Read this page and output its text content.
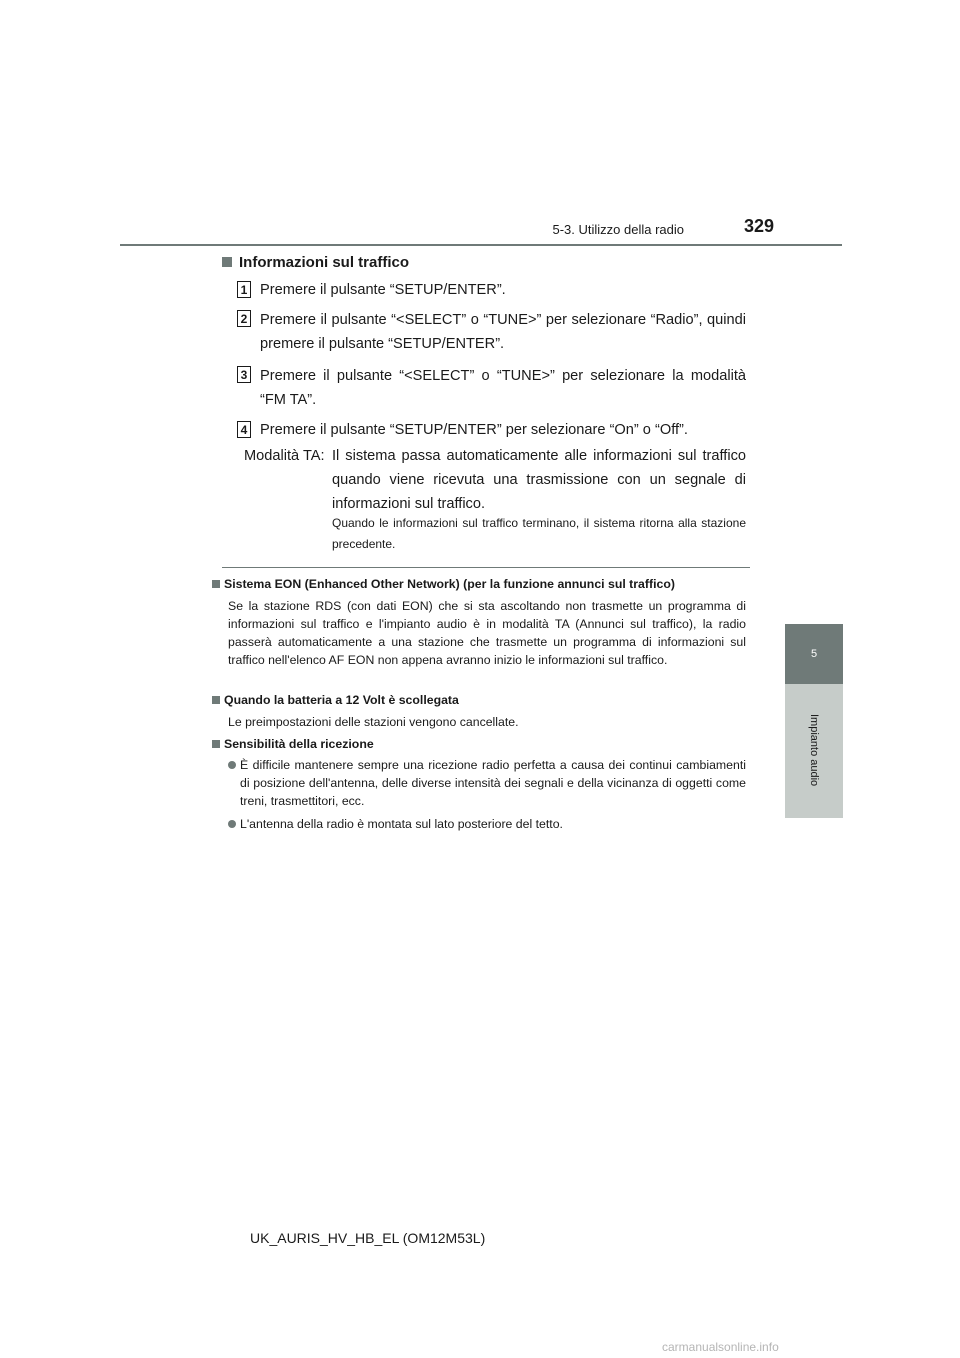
5-3. Utilizzo della radio	329
5
Impianto audio
Informazioni sul traffico
1 Premere il pulsante “SETUP/ENTER”.
2 Premere il pulsante “<SELECT” o “TUNE>” per selezionare “Radio”, quindi premere il pulsante “SETUP/ENTER”.
3 Premere il pulsante “<SELECT” o “TUNE>” per selezionare la modalità “FM TA”.
4 Premere il pulsante “SETUP/ENTER” per selezionare “On” o “Off”.
Modalità TA: Il sistema passa automaticamente alle informazioni sul traffico quando viene ricevuta una trasmissione con un segnale di informazioni sul traffico.
Quando le informazioni sul traffico terminano, il sistema ritorna alla stazione precedente.
Sistema EON (Enhanced Other Network) (per la funzione annunci sul traffico)
Se la stazione RDS (con dati EON) che si sta ascoltando non trasmette un programma di informazioni sul traffico e l'impianto audio è in modalità TA (Annunci sul traffico), la radio passerà automaticamente a una stazione che trasmette un programma di informazioni sul traffico nell'elenco AF EON non appena avranno inizio le informazioni sul traffico.
Quando la batteria a 12 Volt è scollegata
Le preimpostazioni delle stazioni vengono cancellate.
Sensibilità della ricezione
È difficile mantenere sempre una ricezione radio perfetta a causa dei continui cambiamenti di posizione dell'antenna, delle diverse intensità dei segnali e della vicinanza di oggetti come treni, trasmettitori, ecc.
L'antenna della radio è montata sul lato posteriore del tetto.
UK_AURIS_HV_HB_EL (OM12M53L)
carmanualsonline.info
